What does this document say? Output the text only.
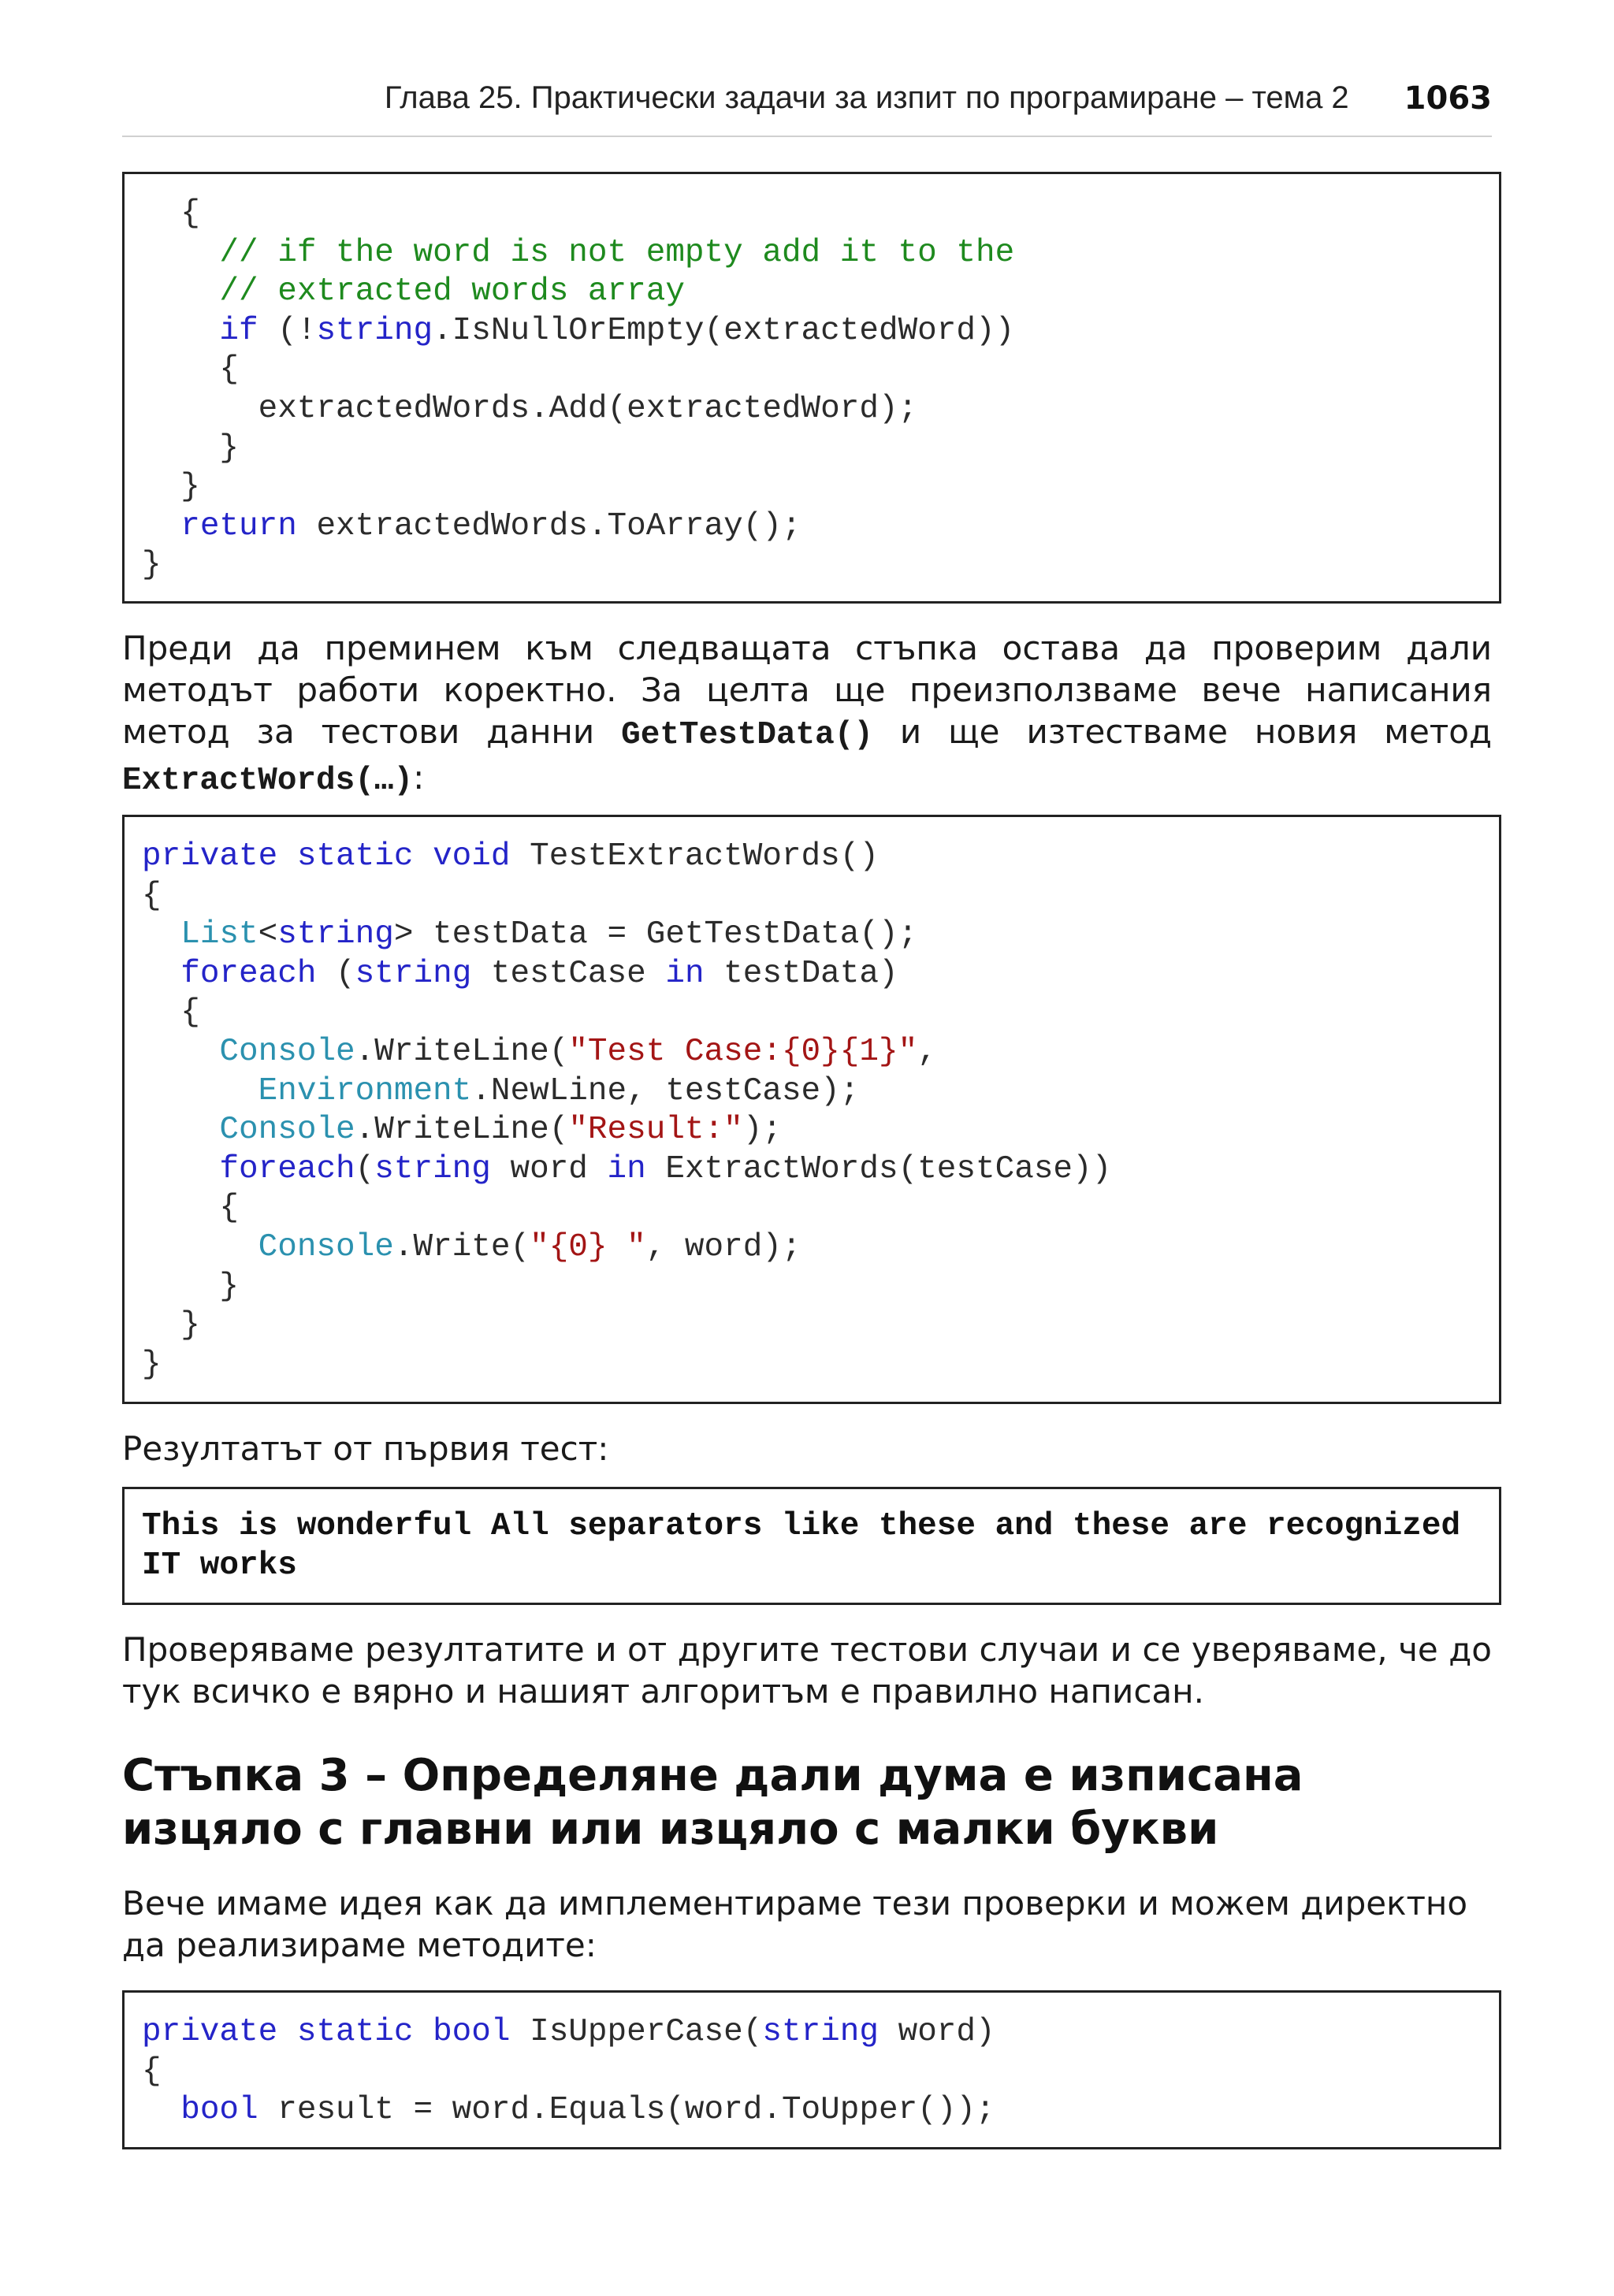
Глава 25. Практически задачи за изпит по програмиране – тема 2 1063
{
// if the word is not empty add it to the
// extracted words array
if (!string.IsNullOrEmpty(extractedWord))
{
extractedWords.Add(extractedWord);
}
}
return extractedWords.ToArray();
}
Преди да преминем към следващата стъпка остава да проверим дали методът работи коректно. За целта ще преизползваме вече написания метод за тестови данни GetTestData() и ще изтестваме новия метод ExtractWords(…):
private static void TestExtractWords()
{
List<string> testData = GetTestData();
foreach (string testCase in testData)
{
Console.WriteLine("Test Case:{0}{1}",
Environment.NewLine, testCase);
Console.WriteLine("Result:");
foreach(string word in ExtractWords(testCase))
{
Console.Write("{0} ", word);
}
}
}
Резултатът от първия тест:
This is wonderful All separators like these and these are recognized IT works
Проверяваме резултатите и от другите тестови случаи и се уверяваме, че до тук всичко е вярно и нашият алгоритъм е правилно написан.
Стъпка 3 – Определяне дали дума е изписана изцяло с главни или изцяло с малки букви
Вече имаме идея как да имплементираме тези проверки и можем директно да реализираме методите:
private static bool IsUpperCase(string word)
{
bool result = word.Equals(word.ToUpper());
